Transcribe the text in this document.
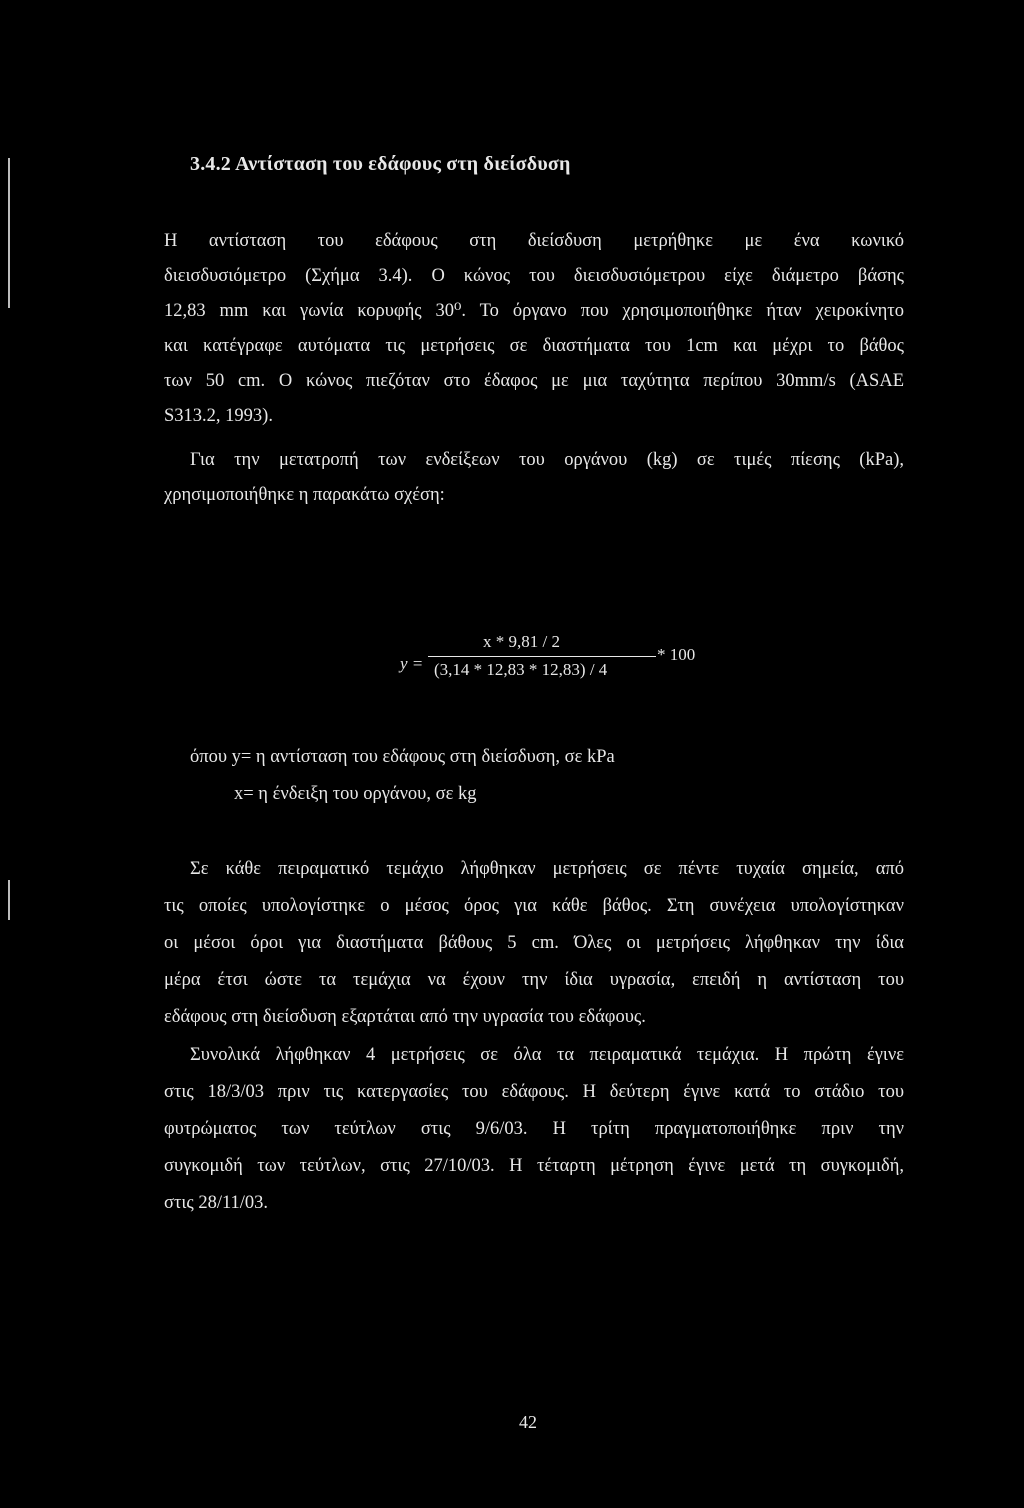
3.4.2 Αντίσταση του εδάφους στη διείσδυση
Η αντίσταση του εδάφους στη διείσδυση μετρήθηκε με ένα κωνικό
διεισδυσιόμετρο (Σχήμα 3.4). Ο κώνος του διεισδυσιόμετρου είχε διάμετρο βάσης
12,83 mm και γωνία κορυφής 30⁰. Το όργανο που χρησιμοποιήθηκε ήταν χειροκίνητο
και κατέγραφε αυτόματα τις μετρήσεις σε διαστήματα του 1cm και μέχρι το βάθος
των 50 cm. Ο κώνος πιεζόταν στο έδαφος με μια ταχύτητα περίπου 30mm/s (ASAE
S313.2, 1993).
Για την μετατροπή των ενδείξεων του οργάνου (kg) σε τιμές πίεσης (kPa),
χρησιμοποιήθηκε η παρακάτω σχέση:
y =
x * 9,81 / 2
(3,14 * 12,83 * 12,83) / 4
* 100
όπου y= η αντίσταση του εδάφους στη διείσδυση, σε kPa
x= η ένδειξη του οργάνου, σε kg
Σε κάθε πειραματικό τεμάχιο λήφθηκαν μετρήσεις σε πέντε τυχαία σημεία, από
τις οποίες υπολογίστηκε ο μέσος όρος για κάθε βάθος. Στη συνέχεια υπολογίστηκαν
οι μέσοι όροι για διαστήματα βάθους 5 cm. Όλες οι μετρήσεις λήφθηκαν την ίδια
μέρα έτσι ώστε τα τεμάχια να έχουν την ίδια υγρασία, επειδή η αντίσταση του
εδάφους στη διείσδυση εξαρτάται από την υγρασία του εδάφους.
Συνολικά λήφθηκαν 4 μετρήσεις σε όλα τα πειραματικά τεμάχια. Η πρώτη έγινε
στις 18/3/03 πριν τις κατεργασίες του εδάφους. Η δεύτερη έγινε κατά το στάδιο του
φυτρώματος των τεύτλων στις 9/6/03. Η τρίτη πραγματοποιήθηκε πριν την
συγκομιδή των τεύτλων, στις 27/10/03. Η τέταρτη μέτρηση έγινε μετά τη συγκομιδή,
στις 28/11/03.
42
